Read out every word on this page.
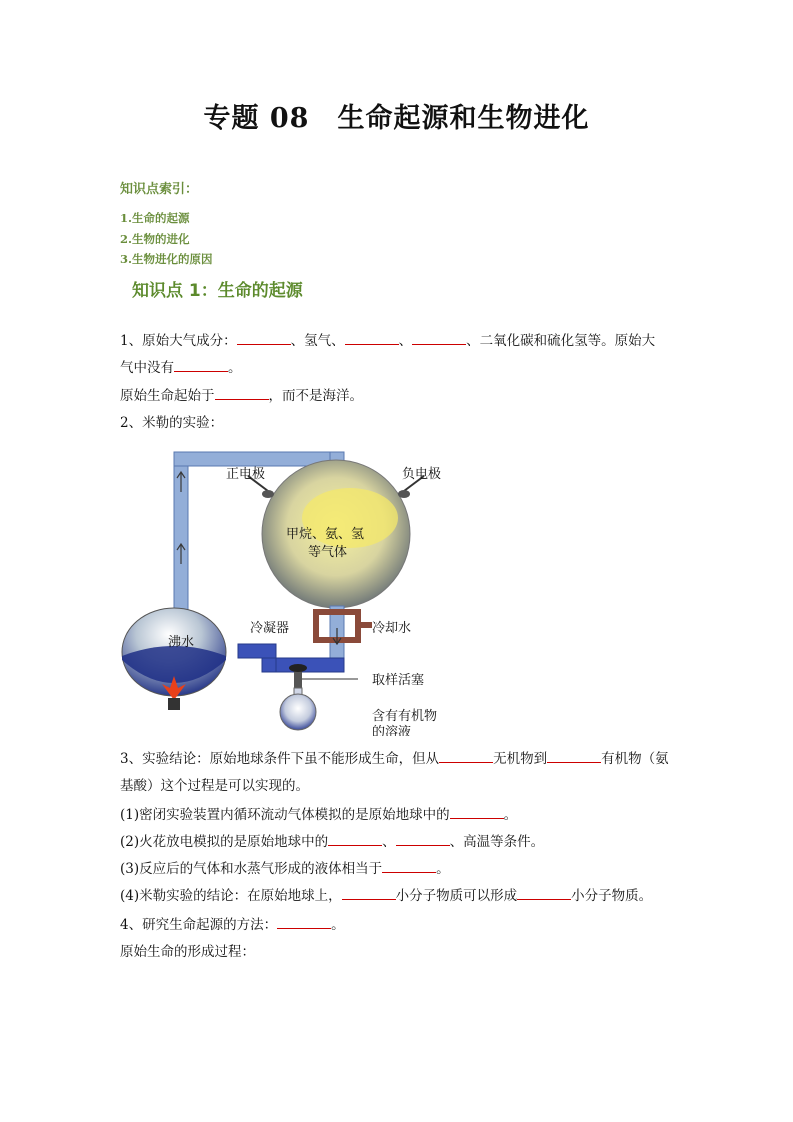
专题 08　生命起源和生物进化

知识点索引：

1.生命的起源
2.生物的进化
3.生物进化的原因
知识点 1：生命的起源

1、原始大气成分：	、氢气、	、	、二氧化碳和硫化氢等。原始大
气中没有	。

原始生命起始于	，而不是海洋。

2、米勒的实验：

正电极	负电极
甲烷、氨、氢
等气体
冷凝器	冷却水
取样活塞
含有有机物
的溶液
沸水

3、实验结论：原始地球条件下虽不能形成生命，但从	无机物到	有机物（氨
基酸）这个过程是可以实现的。

(1)密闭实验装置内循环流动气体模拟的是原始地球中的	。

(2)火花放电模拟的是原始地球中的	、	、高温等条件。

(3)反应后的气体和水蒸气形成的液体相当于	。

(4)米勒实验的结论：在原始地球上，	小分子物质可以形成	小分子物质。

4、研究生命起源的方法：	。

原始生命的形成过程：
